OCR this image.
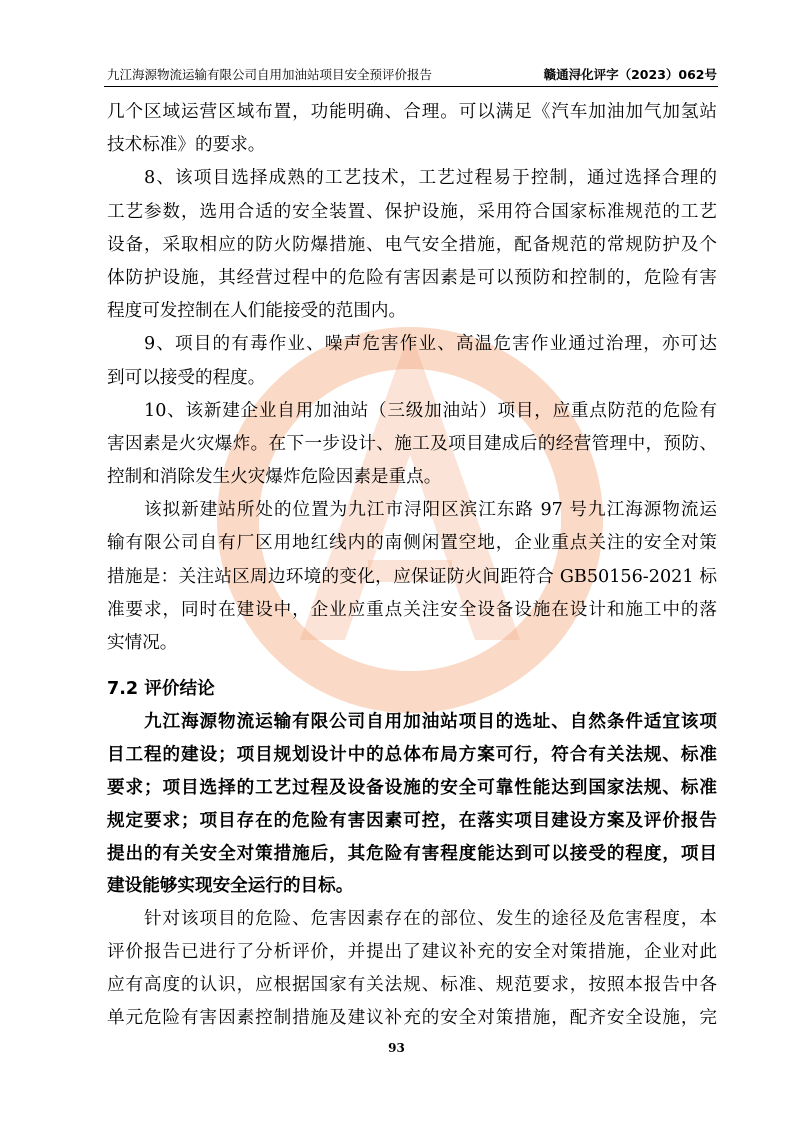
九江海源物流运输有限公司自用加油站项目安全预评价报告	赣通浔化评字（2023）062号
几个区域运营区域布置，功能明确、合理。可以满足《汽车加油加气加氢站
技术标准》的要求。
8、该项目选择成熟的工艺技术，工艺过程易于控制，通过选择合理的
工艺参数，选用合适的安全装置、保护设施，采用符合国家标准规范的工艺
设备，采取相应的防火防爆措施、电气安全措施，配备规范的常规防护及个
体防护设施，其经营过程中的危险有害因素是可以预防和控制的，危险有害
程度可发控制在人们能接受的范围内。
9、项目的有毒作业、噪声危害作业、高温危害作业通过治理，亦可达
到可以接受的程度。
10、该新建企业自用加油站（三级加油站）项目，应重点防范的危险有
害因素是火灾爆炸。在下一步设计、施工及项目建成后的经营管理中，预防、
控制和消除发生火灾爆炸危险因素是重点。
该拟新建站所处的位置为九江市浔阳区滨江东路 97 号九江海源物流运
输有限公司自有厂区用地红线内的南侧闲置空地，企业重点关注的安全对策
措施是：关注站区周边环境的变化，应保证防火间距符合 GB50156-2021 标
准要求，同时在建设中，企业应重点关注安全设备设施在设计和施工中的落
实情况。
7.2 评价结论
九江海源物流运输有限公司自用加油站项目的选址、自然条件适宜该项
目工程的建设；项目规划设计中的总体布局方案可行，符合有关法规、标准
要求；项目选择的工艺过程及设备设施的安全可靠性能达到国家法规、标准
规定要求；项目存在的危险有害因素可控，在落实项目建设方案及评价报告
提出的有关安全对策措施后，其危险有害程度能达到可以接受的程度，项目
建设能够实现安全运行的目标。
针对该项目的危险、危害因素存在的部位、发生的途径及危害程度，本
评价报告已进行了分析评价，并提出了建议补充的安全对策措施，企业对此
应有高度的认识，应根据国家有关法规、标准、规范要求，按照本报告中各
单元危险有害因素控制措施及建议补充的安全对策措施，配齐安全设施，完
93
